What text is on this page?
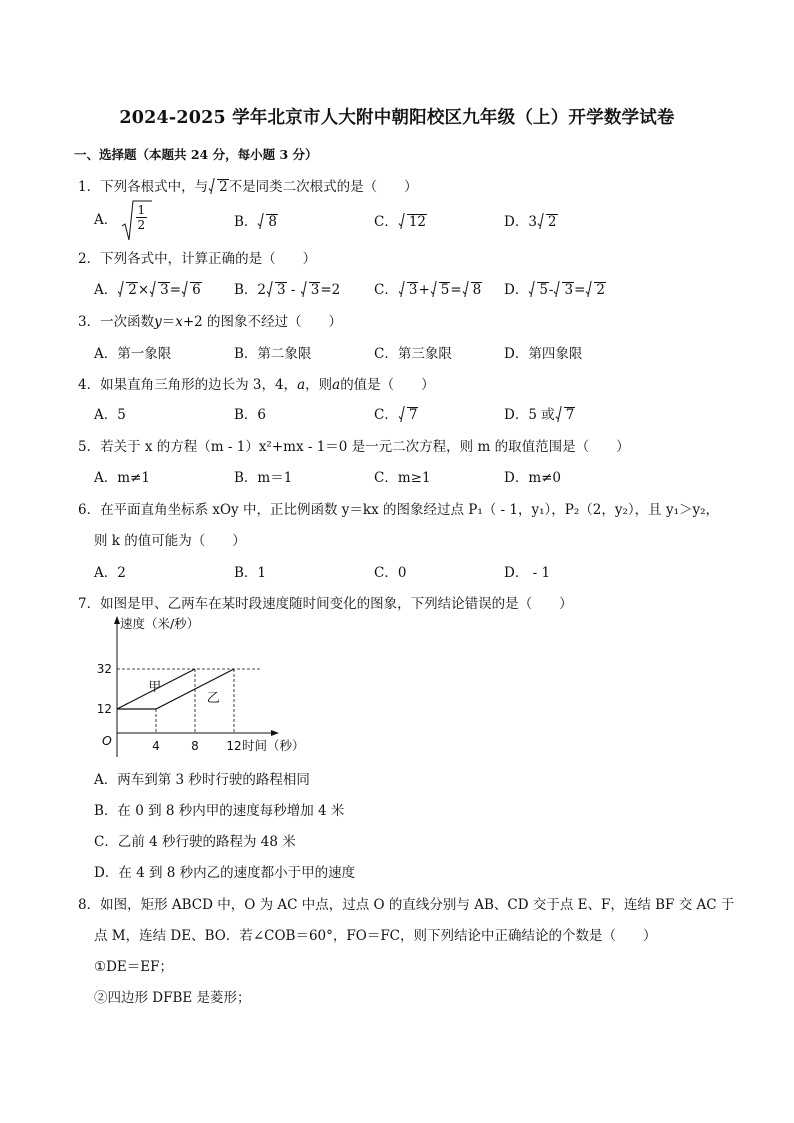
2024-2025 学年北京市人大附中朝阳校区九年级（上）开学数学试卷
一、选择题（本题共 24 分，每小题 3 分）
1．下列各根式中，与 2不是同类二次根式的是（　　）
A． $\frac{1}{2}$	B． 8	C． 12	D．3 2
2．下列各式中，计算正确的是（　　）
A． 2× 3= 6 B．2 3 - 3=2 C． 3+ 5= 8 D． 5- 3= 2
3．一次函数y＝x+2 的图象不经过（　　）
A．第一象限	B．第二象限	C．第三象限	D．第四象限
4．如果直角三角形的边长为 3，4，a，则a的值是（　　）
A．5	B．6	C． 7	D．5 或 7
5．若关于 x 的方程（m - 1）x²+mx - 1＝0 是一元二次方程，则 m 的取值范围是（　　）
A．m≠1	B．m＝1	C．m≥1	D．m≠0
6．在平面直角坐标系 xOy 中，正比例函数 y＝kx 的图象经过点 P₁（ - 1，y₁），P₂（2，y₂），且 y₁＞y₂，
则 k 的值可能为（　　）
A．2	B．1	C．0	D． - 1
7．如图是甲、乙两车在某时段速度随时间变化的图象，下列结论错误的是（　　）
甲
乙
4	8 12
12
32
速度（米/秒）
时间（秒）
O
A．两车到第 3 秒时行驶的路程相同
B．在 0 到 8 秒内甲的速度每秒增加 4 米
C．乙前 4 秒行驶的路程为 48 米
D．在 4 到 8 秒内乙的速度都小于甲的速度
8．如图，矩形 ABCD 中，O 为 AC 中点，过点 O 的直线分别与 AB、CD 交于点 E、F，连结 BF 交 AC 于
点 M，连结 DE、BO．若∠COB＝60°，FO＝FC，则下列结论中正确结论的个数是（　　）
①DE＝EF；
②四边形 DFBE 是菱形；
